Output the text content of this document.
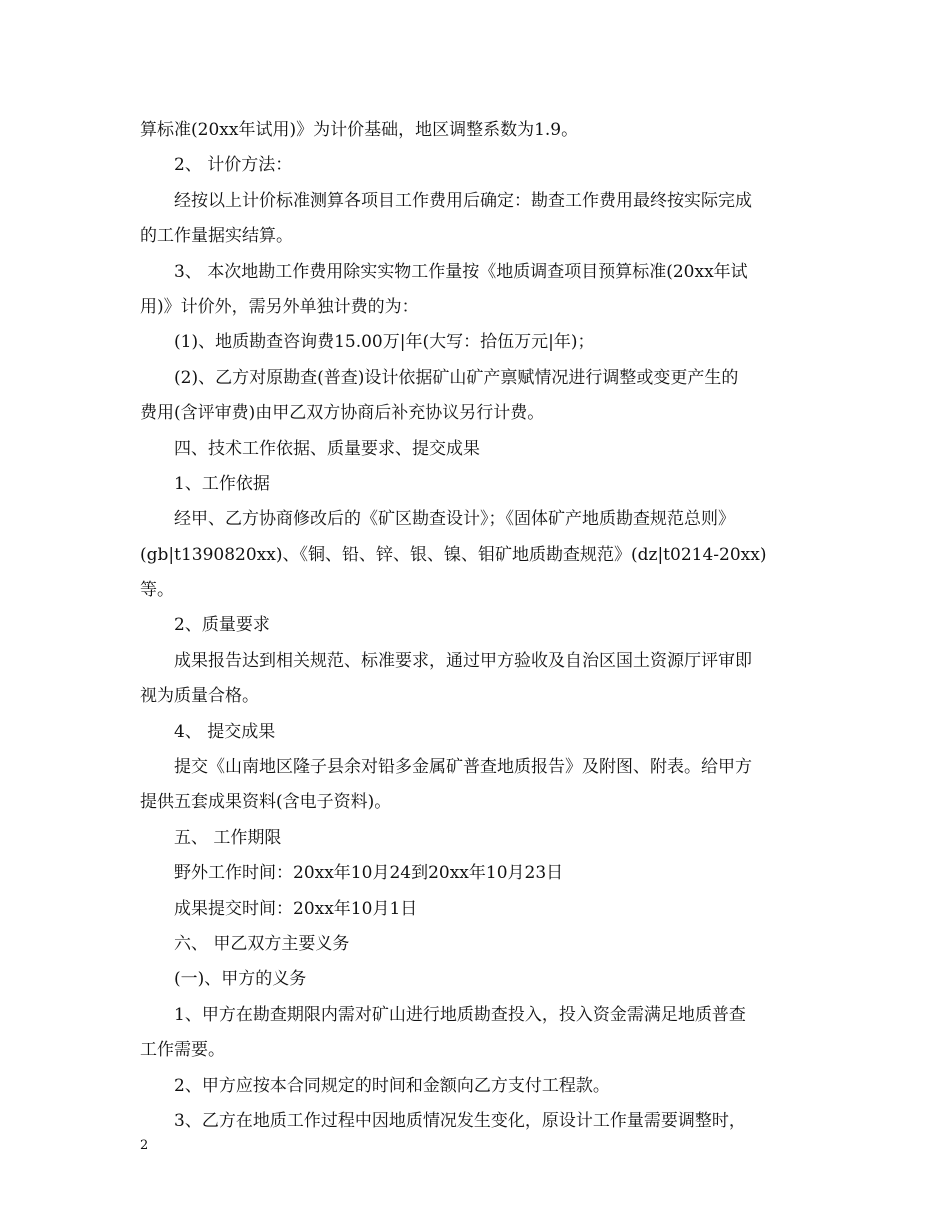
算标准(20xx年试用)》为计价基础，地区调整系数为1.9。
2、 计价方法：
经按以上计价标准测算各项目工作费用后确定：勘查工作费用最终按实际完成
的工作量据实结算。
3、 本次地勘工作费用除实实物工作量按《地质调查项目预算标准(20xx年试
用)》计价外，需另外单独计费的为：
(1)、地质勘查咨询费15.00万|年(大写：拾伍万元|年)；
(2)、乙方对原勘查(普查)设计依据矿山矿产禀赋情况进行调整或变更产生的
费用(含评审费)由甲乙双方协商后补充协议另行计费。
四、技术工作依据、质量要求、提交成果
1、工作依据
经甲、乙方协商修改后的《矿区勘查设计》；《固体矿产地质勘查规范总则》
(gb|t1390820xx)、《铜、铅、锌、银、镍、钼矿地质勘查规范》(dz|t0214-20xx)
等。
2、质量要求
成果报告达到相关规范、标准要求，通过甲方验收及自治区国土资源厅评审即
视为质量合格。
4、 提交成果
提交《山南地区隆子县余对铅多金属矿普查地质报告》及附图、附表。给甲方
提供五套成果资料(含电子资料)。
五、 工作期限
野外工作时间：20xx年10月24到20xx年10月23日
成果提交时间：20xx年10月1日
六、 甲乙双方主要义务
(一)、甲方的义务
1、甲方在勘查期限内需对矿山进行地质勘查投入，投入资金需满足地质普查
工作需要。
2、甲方应按本合同规定的时间和金额向乙方支付工程款。
3、乙方在地质工作过程中因地质情况发生变化，原设计工作量需要调整时，
2
